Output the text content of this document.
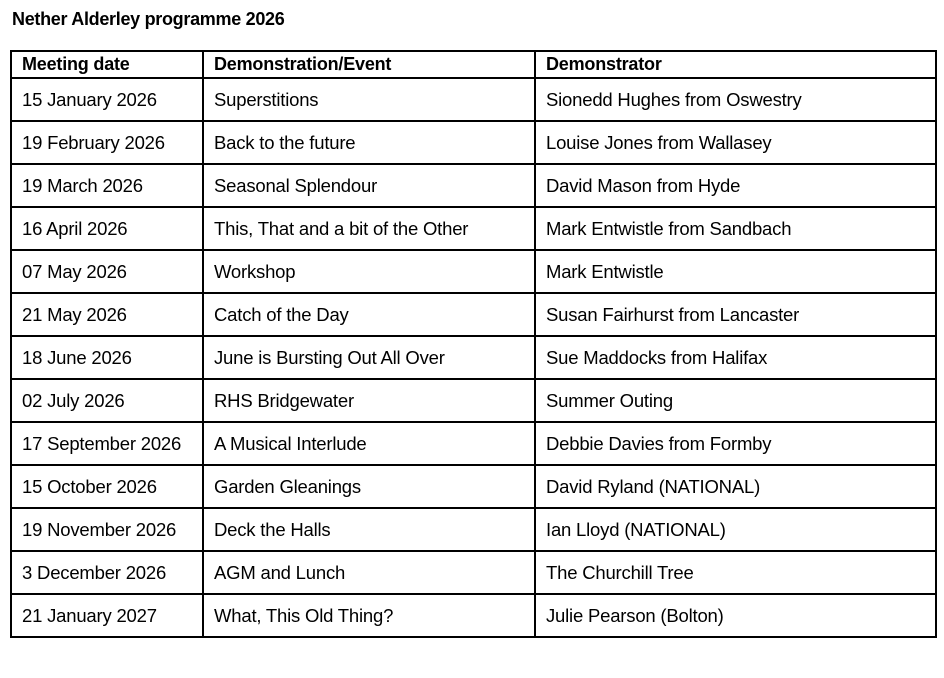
Nether Alderley programme 2026
Meeting date	Demonstration/Event	Demonstrator
15 January 2026	Superstitions	Sionedd Hughes from Oswestry
19 February 2026	Back to the future	Louise Jones from Wallasey
19 March 2026	Seasonal Splendour	David Mason from Hyde
16 April 2026	This, That and a bit of the Other	Mark Entwistle from Sandbach
07 May 2026	Workshop	Mark Entwistle
21 May 2026	Catch of the Day	Susan Fairhurst from Lancaster
18 June 2026	June is Bursting Out All Over	Sue Maddocks from Halifax
02 July 2026	RHS Bridgewater	Summer Outing
17 September 2026	A Musical Interlude	Debbie Davies from Formby
15 October 2026	Garden Gleanings	David Ryland (NATIONAL)
19 November 2026	Deck the Halls	Ian Lloyd (NATIONAL)
3 December 2026	AGM and Lunch	The Churchill Tree
21 January 2027	What, This Old Thing?	Julie Pearson (Bolton)
